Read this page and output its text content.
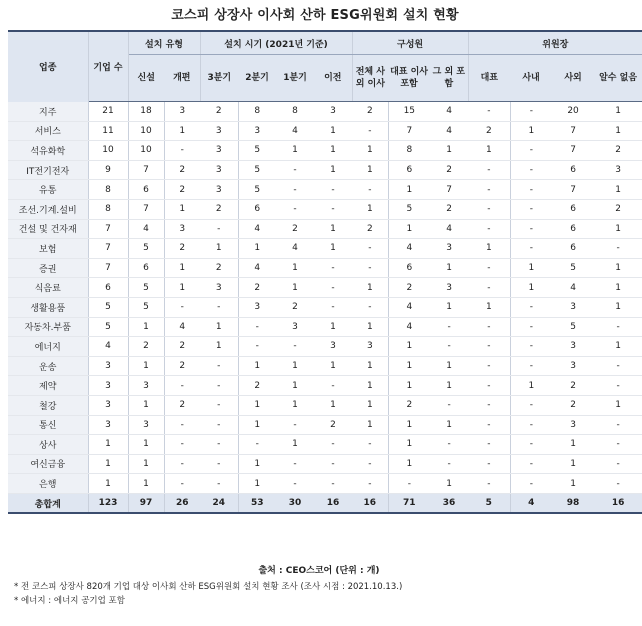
코스피 상장사 이사회 산하 ESG위원회 설치 현황
업종	기업 수	설치 유형		설치 시기 (2021년 기준)				구성원			위원장			
		신설	개편	3분기	2분기	1분기	이전	전체 사외 이사	대표 이사 포함	그 외 포함	대표	사내	사외	알수 없음
지주	21	18	3	2	8	8	3	2	15	4	-	-	20	1
서비스	11	10	1	3	3	4	1	-	7	4	2	1	7	1
석유화학	10	10	-	3	5	1	1	1	8	1	1	-	7	2
IT전기전자	9	7	2	3	5	-	1	1	6	2	-	-	6	3
유통	8	6	2	3	5	-	-	-	1	7	-	-	7	1
조선.기계.설비	8	7	1	2	6	-	-	1	5	2	-	-	6	2
건설 및 건자재	7	4	3	-	4	2	1	2	1	4	-	-	6	1
보험	7	5	2	1	1	4	1	-	4	3	1	-	6	-
증권	7	6	1	2	4	1	-	-	6	1	-	1	5	1
식음료	6	5	1	3	2	1	-	1	2	3	-	1	4	1
생활용품	5	5	-	-	3	2	-	-	4	1	1	-	3	1
자동차.부품	5	1	4	1	-	3	1	1	4	-	-	-	5	-
에너지	4	2	2	1	-	-	3	3	1	-	-	-	3	1
운송	3	1	2	-	1	1	1	1	1	1	-	-	3	-
제약	3	3	-	-	2	1	-	1	1	1	-	1	2	-
철강	3	1	2	-	1	1	1	1	2	-	-	-	2	1
통신	3	3	-	-	1	-	2	1	1	1	-	-	3	-
상사	1	1	-	-	-	1	-	-	1	-	-	-	1	-
여신금융	1	1	-	-	1	-	-	-	1	-	-	-	1	-
은행	1	1	-	-	1	-	-	-	-	1	-	-	1	-
총합계	123	97	26	24	53	30	16	16	71	36	5	4	98	16
출처 : CEO스코어 (단위 : 개)
* 전 코스피 상장사 820개 기업 대상 이사회 산하 ESG위원회 설치 현황 조사 (조사 시점 : 2021.10.13.)
* 에너지 : 에너지 공기업 포함
